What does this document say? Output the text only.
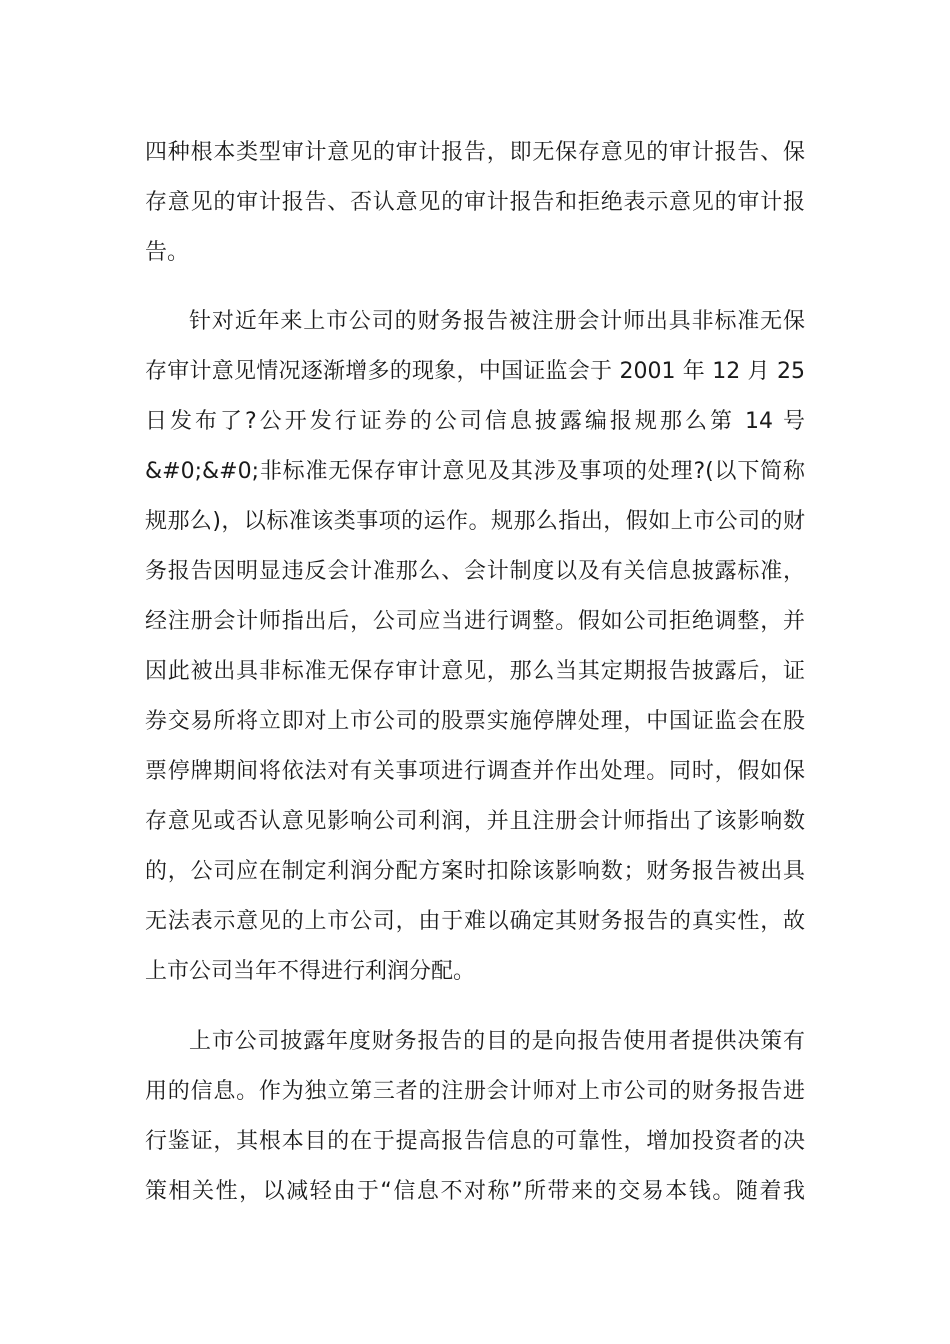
四种根本类型审计意见的审计报告，即无保存意见的审计报告、保
存意见的审计报告、否认意见的审计报告和拒绝表示意见的审计报
告。
针对近年来上市公司的财务报告被注册会计师出具非标准无保
存审计意见情况逐渐增多的现象，中国证监会于 2001 年 12 月 25
日发布了?公开发行证券的公司信息披露编报规那么第 14 号
&#0;&#0;非标准无保存审计意见及其涉及事项的处理?(以下简称
规那么)，以标准该类事项的运作。规那么指出，假如上市公司的财
务报告因明显违反会计准那么、会计制度以及有关信息披露标准，
经注册会计师指出后，公司应当进行调整。假如公司拒绝调整，并
因此被出具非标准无保存审计意见，那么当其定期报告披露后，证
券交易所将立即对上市公司的股票实施停牌处理，中国证监会在股
票停牌期间将依法对有关事项进行调查并作出处理。同时，假如保
存意见或否认意见影响公司利润，并且注册会计师指出了该影响数
的，公司应在制定利润分配方案时扣除该影响数；财务报告被出具
无法表示意见的上市公司，由于难以确定其财务报告的真实性，故
上市公司当年不得进行利润分配。
上市公司披露年度财务报告的目的是向报告使用者提供决策有
用的信息。作为独立第三者的注册会计师对上市公司的财务报告进
行鉴证，其根本目的在于提高报告信息的可靠性，增加投资者的决
策相关性，以减轻由于“信息不对称”所带来的交易本钱。随着我
